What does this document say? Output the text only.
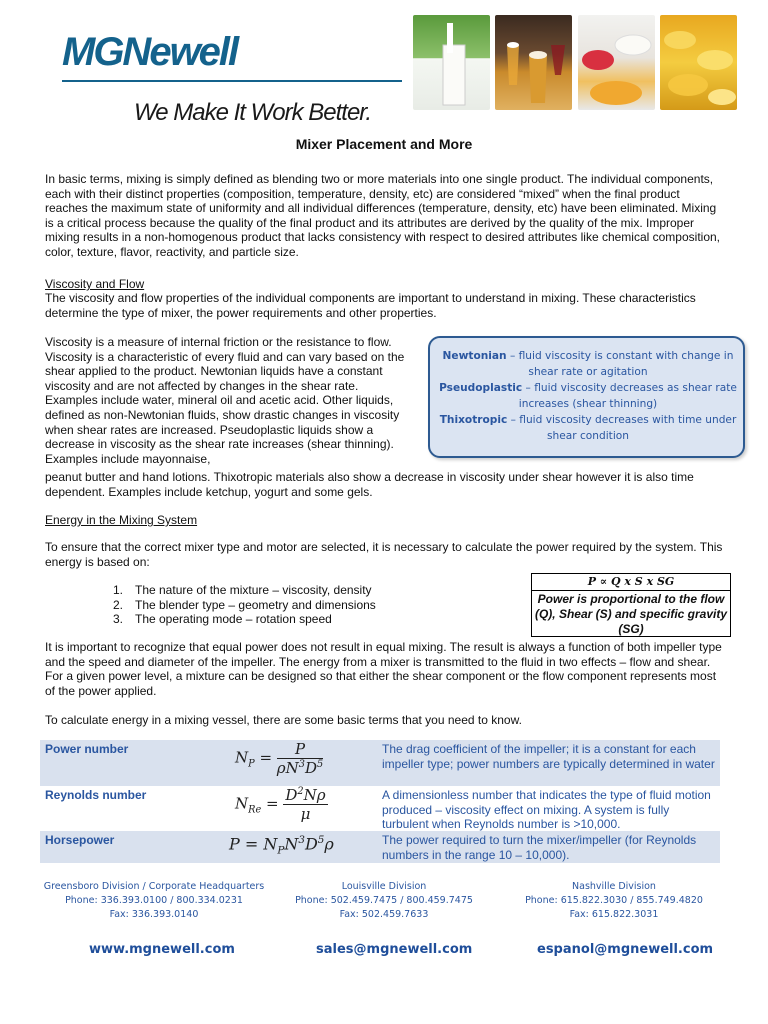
MGNewell
We Make It Work Better.
Mixer Placement and More
In basic terms, mixing is simply defined as blending two or more materials into one single product. The individual components, each with their distinct properties (composition, temperature, density, etc) are considered “mixed” when the final product reaches the maximum state of uniformity and all individual differences (temperature, density, etc) have been eliminated. Mixing is a critical process because the quality of the final product and its attributes are derived by the quality of the mix. Improper mixing results in a non-homogenous product that lacks consistency with respect to desired attributes like chemical composition, color, texture, flavor, reactivity, and particle size.
Viscosity and Flow
The viscosity and flow properties of the individual components are important to understand in mixing. These characteristics determine the type of mixer, the power requirements and other properties.
Viscosity is a measure of internal friction or the resistance to flow. Viscosity is a characteristic of every fluid and can vary based on the shear applied to the product. Newtonian liquids have a constant viscosity and are not affected by changes in the shear rate. Examples include water, mineral oil and acetic acid. Other liquids, defined as non-Newtonian fluids, show drastic changes in viscosity when shear rates are increased. Pseudoplastic liquids show a decrease in viscosity as the shear rate increases (shear thinning). Examples include mayonnaise,
peanut butter and hand lotions. Thixotropic materials also show a decrease in viscosity under shear however it is also time dependent. Examples include ketchup, yogurt and some gels.
Newtonian – fluid viscosity is constant with change in shear rate or agitation
Pseudoplastic – fluid viscosity decreases as shear rate increases (shear thinning)
Thixotropic – fluid viscosity decreases with time under shear condition
Energy in the Mixing System
To ensure that the correct mixer type and motor are selected, it is necessary to calculate the power required by the system. This energy is based on:
1. The nature of the mixture – viscosity, density
2. The blender type – geometry and dimensions
3. The operating mode – rotation speed
P ∝ Q x S x SG
Power is proportional to the flow (Q), Shear (S) and specific gravity (SG)
It is important to recognize that equal power does not result in equal mixing. The result is always a function of both impeller type and the speed and diameter of the impeller. The energy from a mixer is transmitted to the fluid in two effects – flow and shear. For a given power level, a mixture can be designed so that either the shear component or the flow component represents most of the power applied.
To calculate energy in a mixing vessel, there are some basic terms that you need to know.
Power number	$N_P = \frac{P}{\rho N^3D^5}$	The drag coefficient of the impeller; it is a constant for each impeller type; power numbers are typically determined in water
Reynolds number	$N_{Re} = \frac{D^2N\rho}{\mu}$	A dimensionless number that indicates the type of fluid motion produced – viscosity effect on mixing. A system is fully turbulent when Reynolds number is >10,000.
Horsepower	$P = N_PN^3D^5\rho$	The power required to turn the mixer/impeller (for Reynolds numbers in the range 10 – 10,000).
Greensboro Division / Corporate Headquarters
Phone: 336.393.0100 / 800.334.0231
Fax: 336.393.0140
Louisville Division
Phone: 502.459.7475 / 800.459.7475
Fax: 502.459.7633
Nashville Division
Phone: 615.822.3030 / 855.749.4820
Fax: 615.822.3031
www.mgnewell.com	sales@mgnewell.com	espanol@mgnewell.com
